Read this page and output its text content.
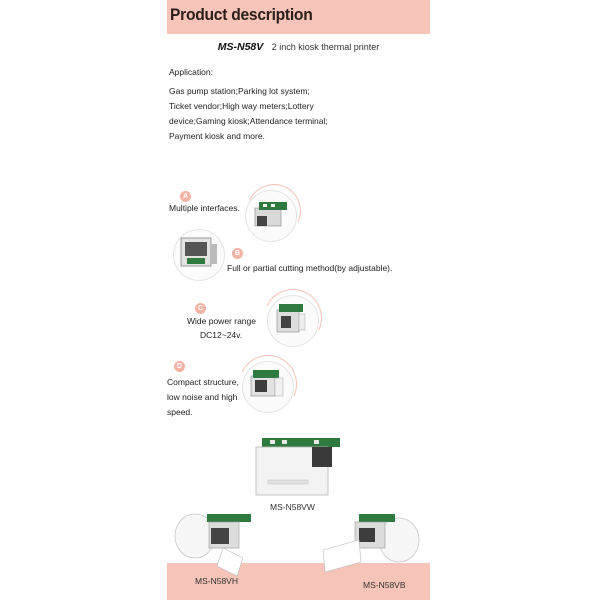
Product description
MS-N58V 2 inch kiosk thermal printer
Application:
Gas pump station;Parking lot system;
Ticket vendor;High way meters;Lottery
device;Gaming kiosk;Attendance terminal;
Payment kiosk and more.
A
Multiple interfaces.
B
Full or partial cutting method(by adjustable).
C
Wide power range
DC12~24v.
D
Compact structure,
low noise and high
speed.
MS-N58VW
MS-N58VH	MS-N58VB
